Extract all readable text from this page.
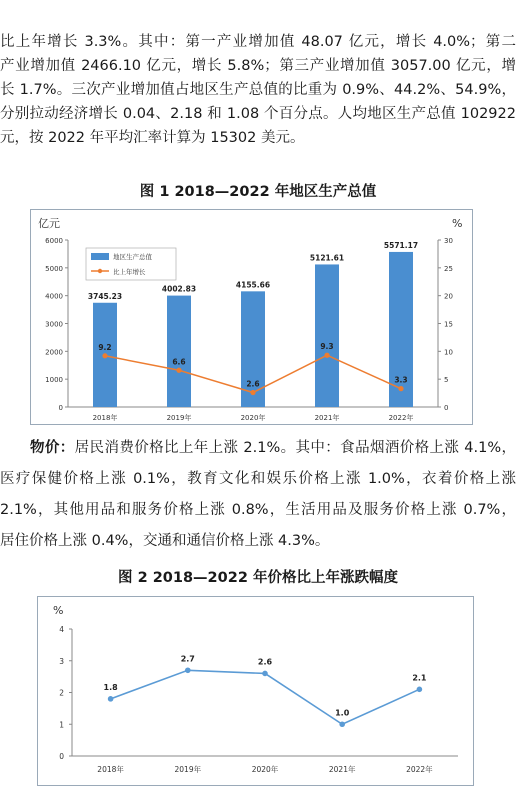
比上年增长 3.3%。其中：第一产业增加值 48.07 亿元，增长 4.0%；第二
产业增加值 2466.10 亿元，增长 5.8%；第三产业增加值 3057.00 亿元，增
长 1.7%。三次产业增加值占地区生产总值的比重为 0.9%、44.2%、54.9%，
分别拉动经济增长 0.04、2.18 和 1.08 个百分点。人均地区生产总值 102922
元，按 2022 年平均汇率计算为 15302 美元。
图 1 2018—2022 年地区生产总值
亿元	%
0
1000
2000
3000
4000
5000
6000
0
5
10
15
20
25
30
2018年	2019年	2020年	2021年	2022年
3745.23
4002.83	4155.66
5121.61
5571.17
9.2
6.6
2.6
9.3
3.3
地区生产总值
比上年增长
物价：居民消费价格比上年上涨 2.1%。其中：食品烟酒价格上涨 4.1%，
医疗保健价格上涨 0.1%，教育文化和娱乐价格上涨 1.0%，衣着价格上涨
2.1%，其他用品和服务价格上涨 0.8%，生活用品及服务价格上涨 0.7%，
居住价格上涨 0.4%，交通和通信价格上涨 4.3%。
图 2 2018—2022 年价格比上年涨跌幅度
%
0
1
2
3
4
2018年	2019年	2020年	2021年	2022年
1.8
2.7	2.6
1.0
2.1
